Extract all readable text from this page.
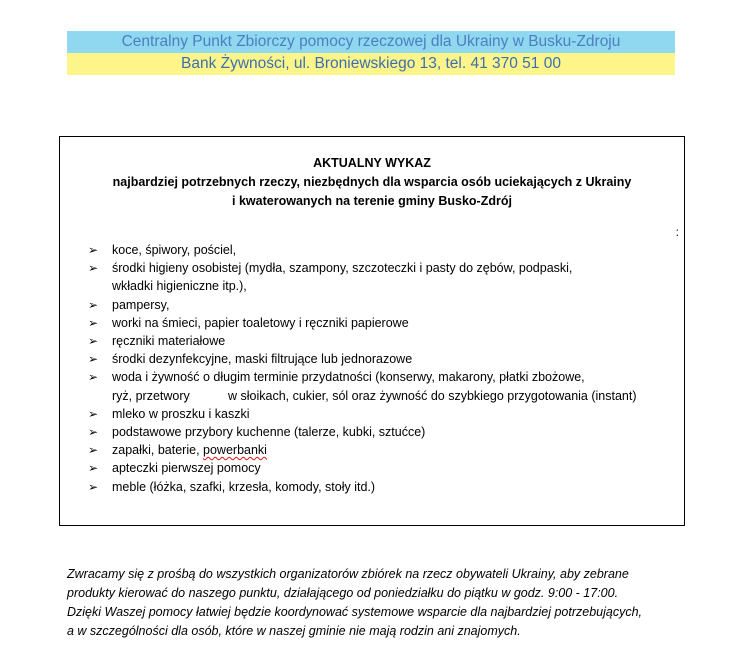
Centralny Punkt Zbiorczy pomocy rzeczowej dla Ukrainy w Busku-Zdroju
Bank Żywności, ul. Broniewskiego 13, tel. 41 370 51 00
AKTUALNY WYKAZ
najbardziej potrzebnych rzeczy, niezbędnych dla wsparcia osób uciekających z Ukrainy
i kwaterowanych na terenie gminy Busko-Zdrój
:
➢ koce, śpiwory, pościel,
➢ środki higieny osobistej (mydła, szampony, szczoteczki i pasty do zębów, podpaski,
wkładki higieniczne itp.),
➢ pampersy,
➢ worki na śmieci, papier toaletowy i ręczniki papierowe
➢ ręczniki materiałowe
➢ środki dezynfekcyjne, maski filtrujące lub jednorazowe
➢ woda i żywność o długim terminie przydatności (konserwy, makarony, płatki zbożowe,
ryż, przetwory           w słoikach, cukier, sól oraz żywność do szybkiego przygotowania (instant)
➢ mleko w proszku i kaszki
➢ podstawowe przybory kuchenne (talerze, kubki, sztućce)
➢ zapałki, baterie, powerbanki
➢ apteczki pierwszej pomocy
➢ meble (łóżka, szafki, krzesła, komody, stoły itd.)
Zwracamy się z prośbą do wszystkich organizatorów zbiórek na rzecz obywateli Ukrainy, aby zebrane
produkty kierować do naszego punktu, działającego od poniedziałku do piątku w godz. 9:00 - 17:00.
Dzięki Waszej pomocy łatwiej będzie koordynować systemowe wsparcie dla najbardziej potrzebujących,
a w szczególności dla osób, które w naszej gminie nie mają rodzin ani znajomych.
